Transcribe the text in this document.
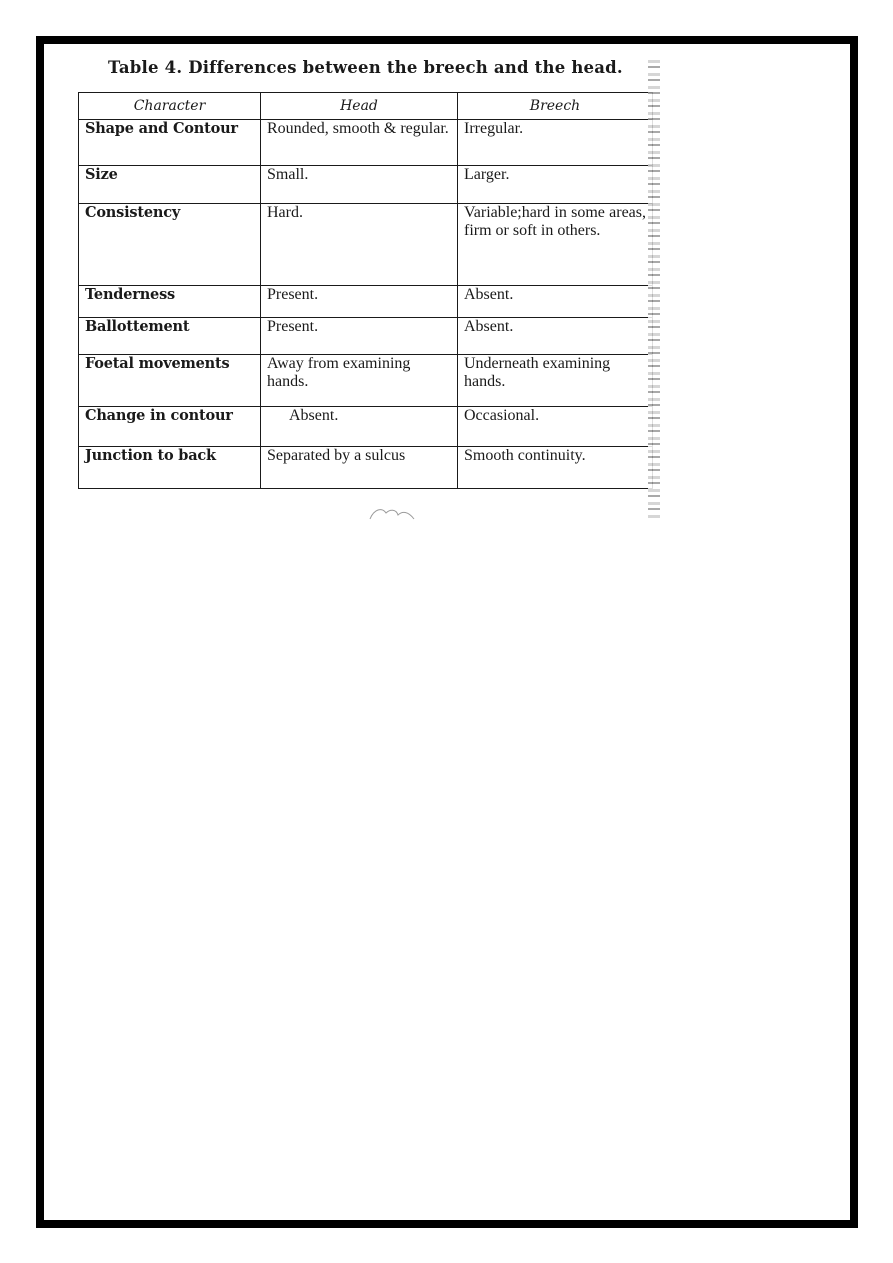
Table 4. Differences between the breech and the head.
Character	Head	Breech
Shape and Contour	Rounded, smooth & regular.	Irregular.
Size	Small.	Larger.
Consistency	Hard.	Variable;hard in some areas, firm or soft in others.
Tenderness	Present.	Absent.
Ballottement	Present.	Absent.
Foetal movements	Away from examining hands.	Underneath examining hands.
Change in contour	Absent.	Occasional.
Junction to back	Separated by a sulcus	Smooth continuity.
